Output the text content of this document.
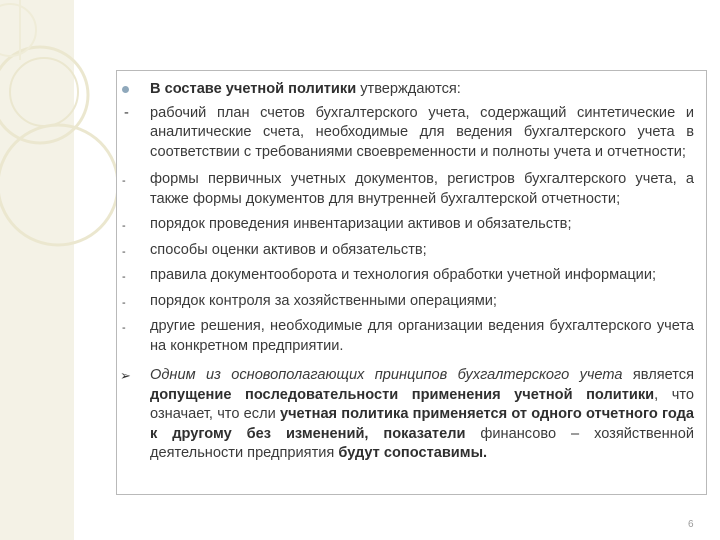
В составе учетной политики утверждаются:
- рабочий план счетов бухгалтерского учета, содержащий синтетические и аналитические счета, необходимые для ведения бухгалтерского учета в соответствии с требованиями своевременности и полноты учета и отчетности;
- формы первичных учетных документов, регистров бухгалтерского учета, а также формы документов для внутренней бухгалтерской отчетности;
- порядок проведения инвентаризации активов и обязательств;
- способы оценки активов и обязательств;
- правила документооборота и технология обработки учетной информации;
- порядок контроля за хозяйственными операциями;
- другие решения, необходимые для организации ведения бухгалтерского учета на конкретном предприятии.
➢ Одним из основополагающих принципов бухгалтерского учета является допущение последовательности применения учетной политики, что означает, что если учетная политика применяется от одного отчетного года к другому без изменений, показатели финансово – хозяйственной деятельности предприятия будут сопоставимы.
6
